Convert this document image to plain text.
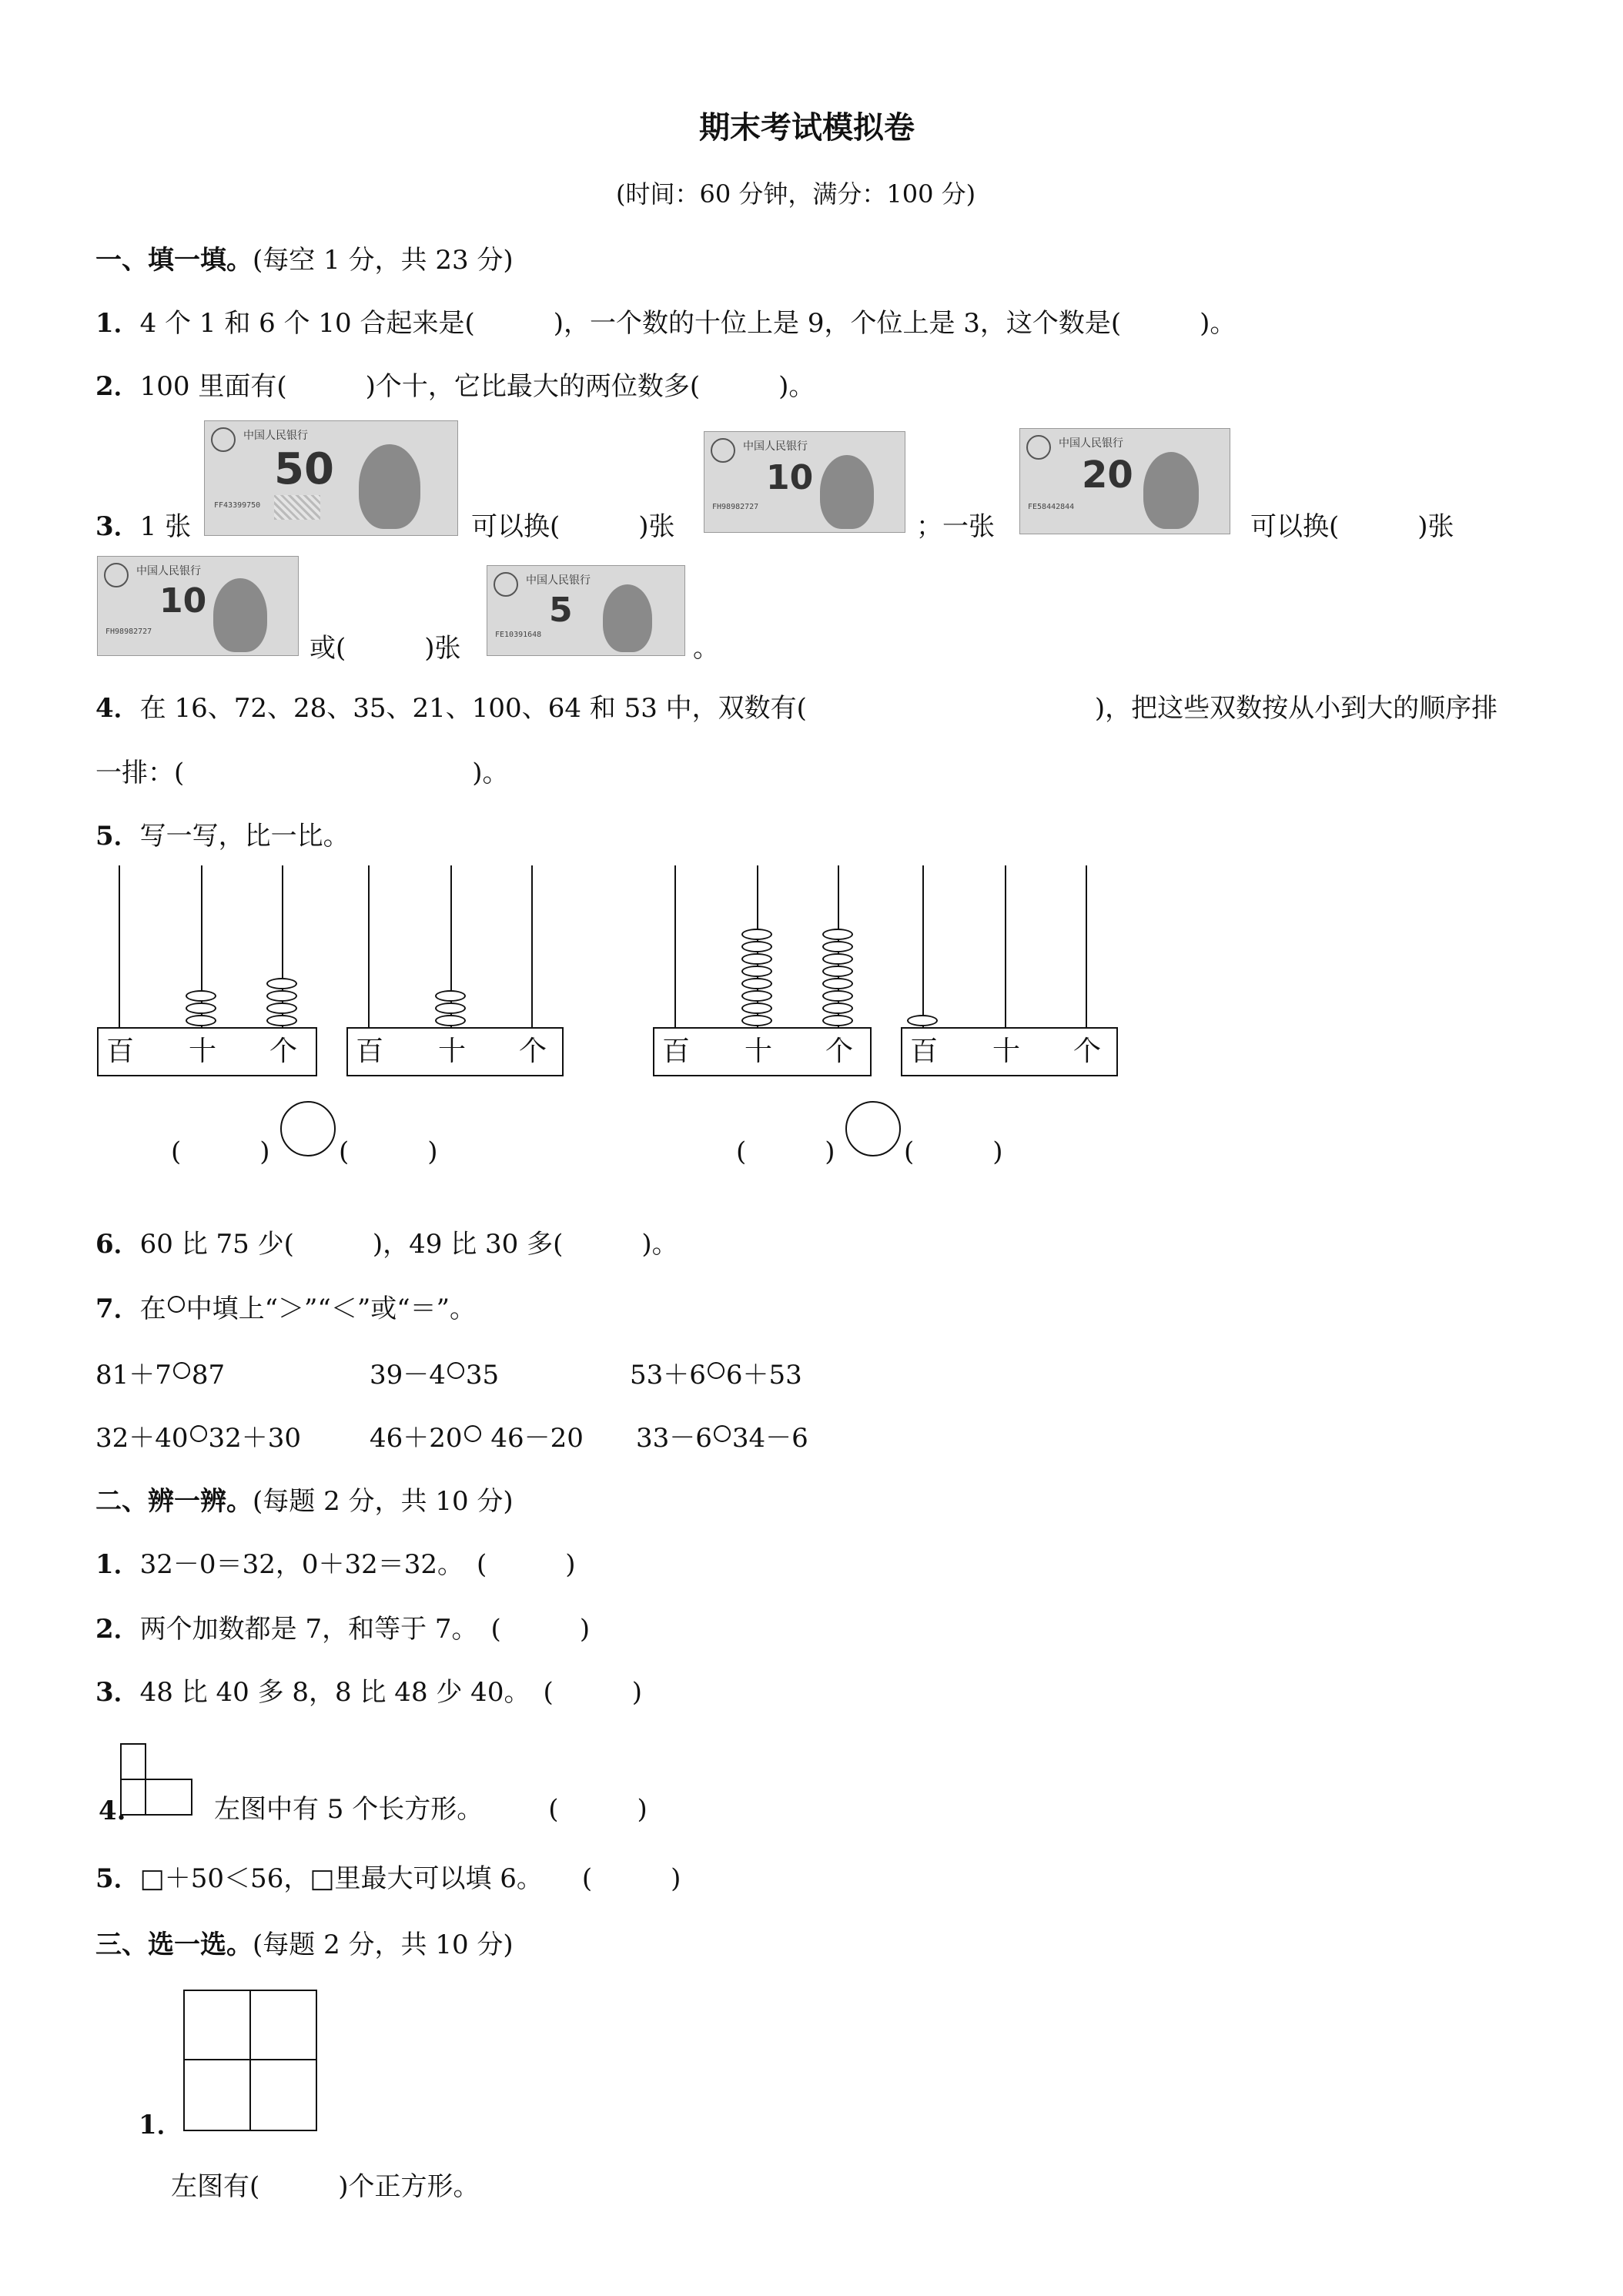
期末考试模拟卷
(时间：60 分钟，满分：100 分)
一、填一填。(每空 1 分，共 23 分)
1．4 个 1 和 6 个 10 合起来是(　　　)，一个数的十位上是 9，个位上是 3，这个数是(　　　)。
2．100 里面有(　　　)个十，它比最大的两位数多(　　　)。
3．1 张
中国人民银行
50
FF43399750
可以换(　　　)张
中国人民银行
10
FH98982727
；一张
中国人民银行
20
FE58442844
可以换(　　　)张
中国人民银行
10
FH98982727
或(　　　)张
中国人民银行
5
FE10391648	。
4．在 16、72、28、35、21、100、64 和 53 中，双数有(　　　　　　　　　　　)，把这些双数按从小到大的顺序排
一排：(　　　　　　　　　　　)。
5．写一写，比一比。
百 十 个 百 十 个	百 十 个 百 十 个
(　　　)	(　　　)	(　　　)	(　　　)
6．60 比 75 少(　　　)，49 比 30 多(　　　)。
7．在 中填上“＞”“＜”或“＝”。
81＋7 87	39－4 35	53＋6 6＋53
32＋40 32＋30	46＋20 46－20 33－6 34－6
二、辨一辨。(每题 2 分，共 10 分)
1．32－0＝32，0＋32＝32。　(　　　)
2．两个加数都是 7，和等于 7。　(　　　)
3．48 比 40 多 8，8 比 48 少 40。　(　　　)
4.	左图中有 5 个长方形。　　　(　　　)
5．□＋50＜56，□里最大可以填 6。　　(　　　)
三、选一选。(每题 2 分，共 10 分)
1．
左图有(　　　)个正方形。
